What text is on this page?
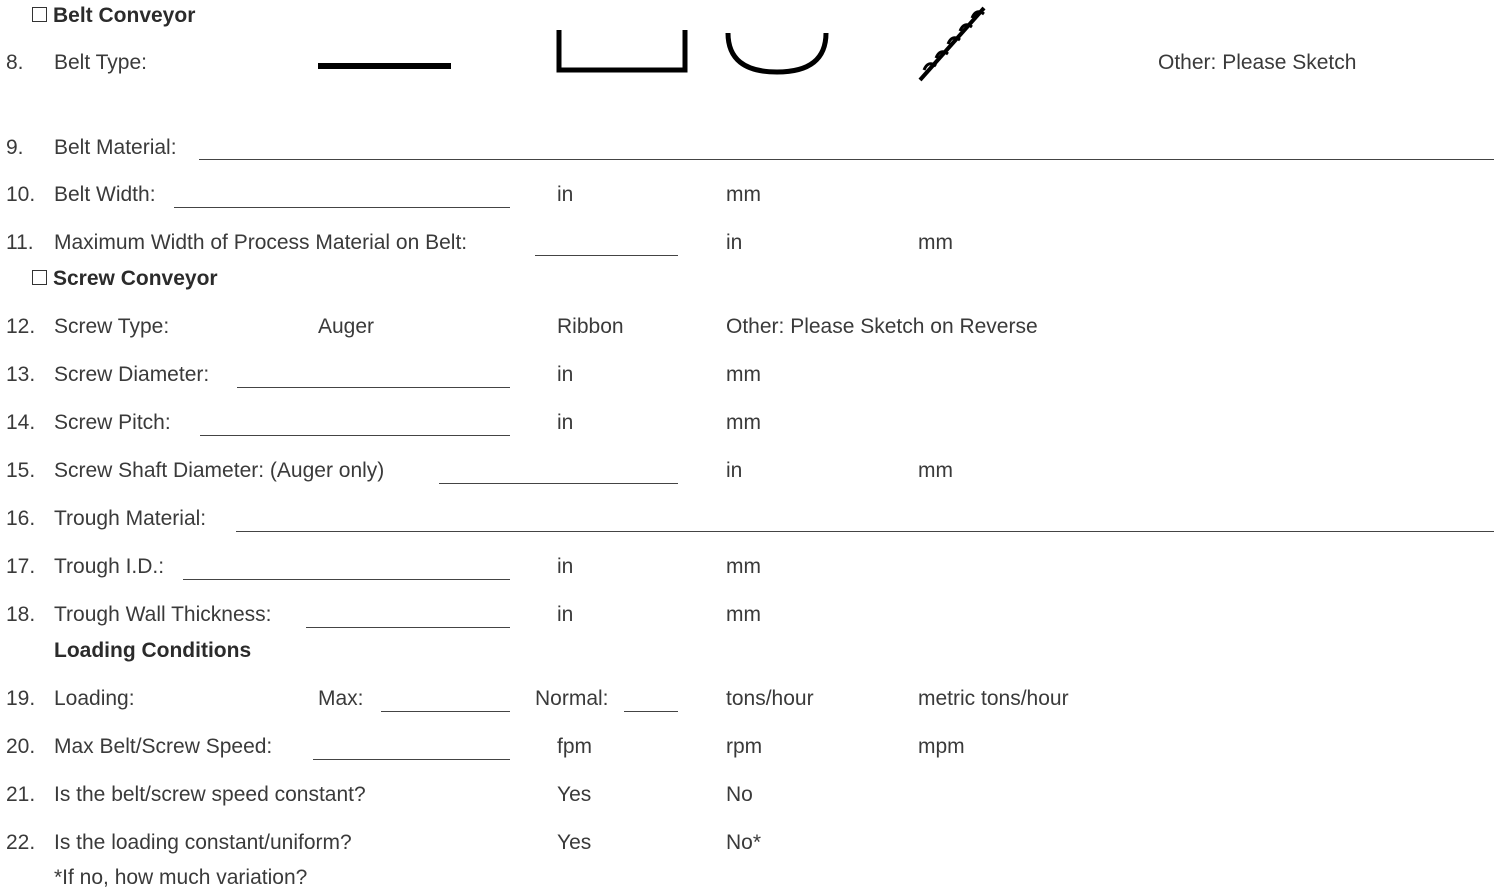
Belt Conveyor
8. Belt Type:	Other: Please Sketch
9. Belt Material:
10. Belt Width:	in	mm
11. Maximum Width of Process Material on Belt:	in	mm
Screw Conveyor
12. Screw Type:	Auger	Ribbon	Other: Please Sketch on Reverse
13. Screw Diameter:	in	mm
14. Screw Pitch:	in	mm
15. Screw Shaft Diameter: (Auger only)	in	mm
16. Trough Material:
17. Trough I.D.:	in	mm
18. Trough Wall Thickness:	in	mm
Loading Conditions
19. Loading:	Max:	Normal:	tons/hour	metric tons/hour
20. Max Belt/Screw Speed:	fpm	rpm	mpm
21. Is the belt/screw speed constant?	Yes	No
22. Is the loading constant/uniform?	Yes	No*
*If no, how much variation?
